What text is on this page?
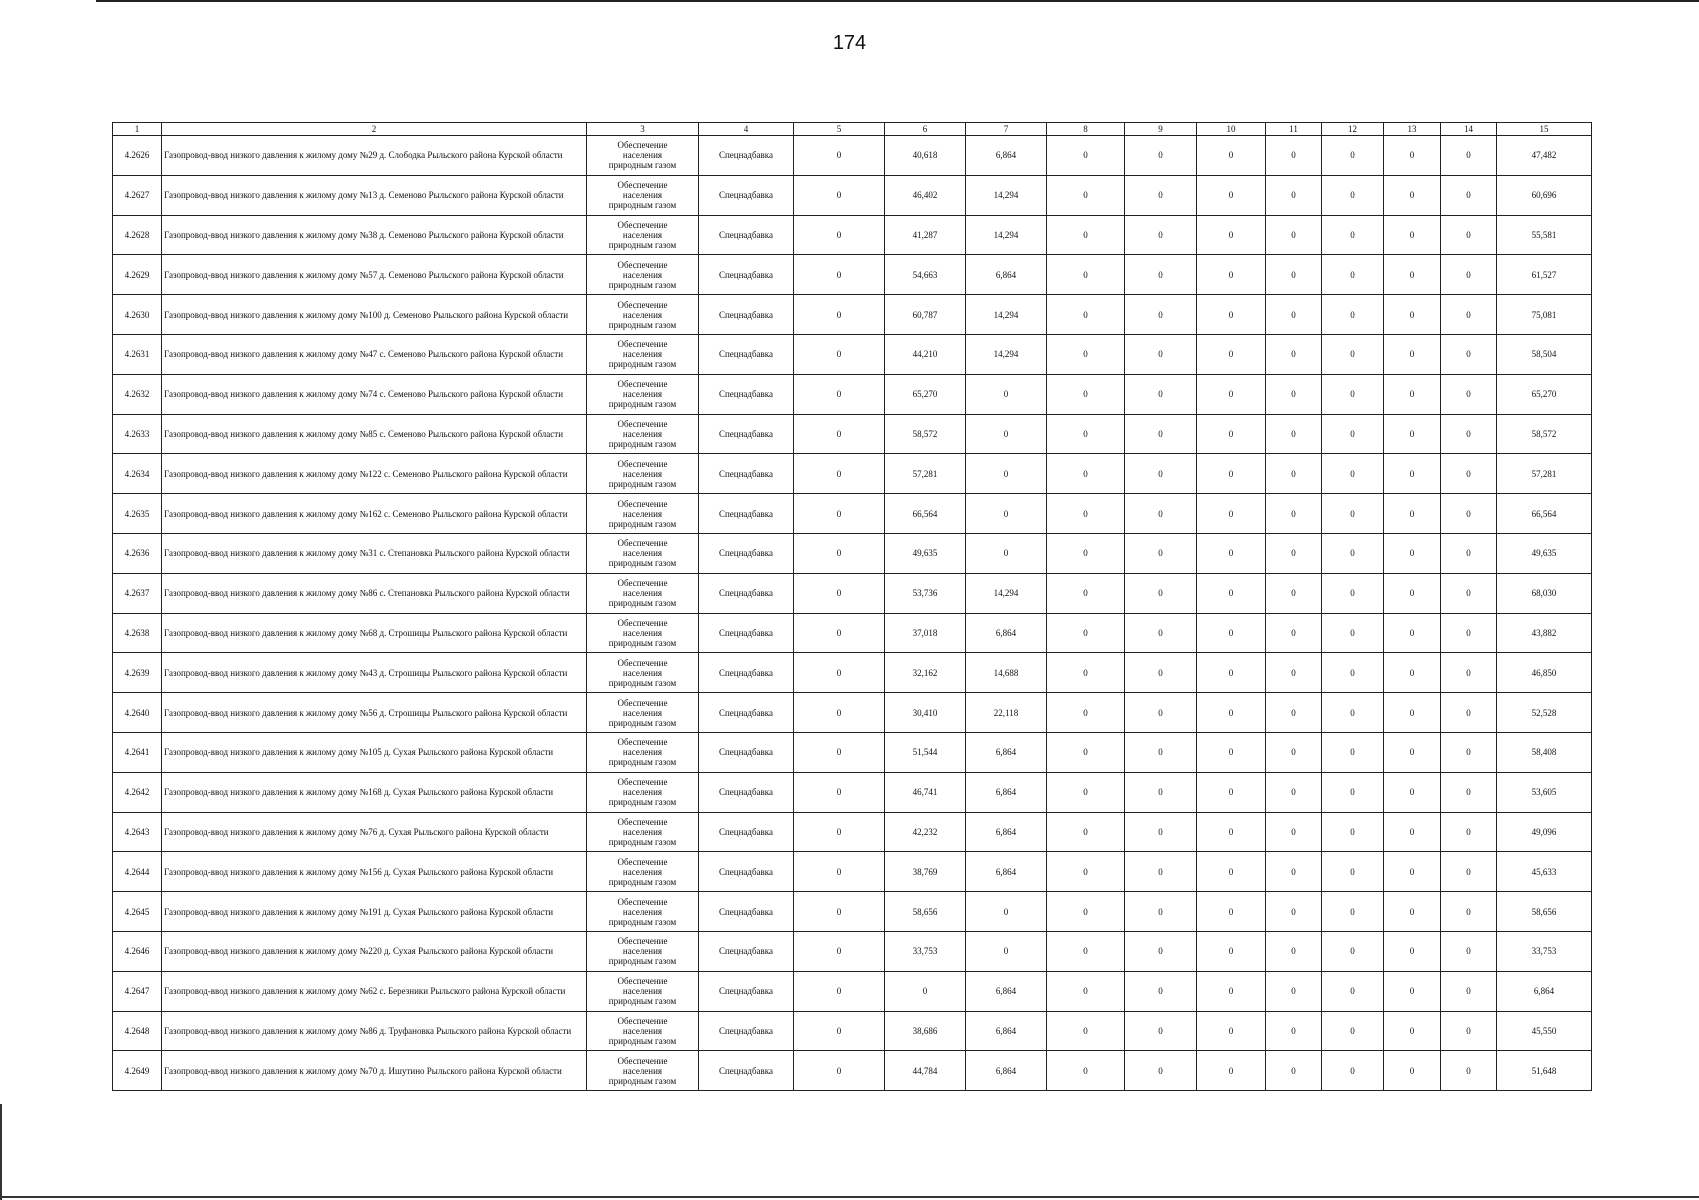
174
1	2	3	4	5	6	7	8	9	10	11	12	13	14	15
4.2626	Газопровод-ввод низкого давления к жилому дому №29 д. Слободка Рыльского района Курской области	Обеспечение
населения
природным газом	Спецнадбавка	0	40,618	6,864	0	0	0	0	0	0	0	47,482
4.2627	Газопровод-ввод низкого давления к жилому дому №13 д. Семеново Рыльского района Курской области	Обеспечение
населения
природным газом	Спецнадбавка	0	46,402	14,294	0	0	0	0	0	0	0	60,696
4.2628	Газопровод-ввод низкого давления к жилому дому №38 д. Семеново Рыльского района Курской области	Обеспечение
населения
природным газом	Спецнадбавка	0	41,287	14,294	0	0	0	0	0	0	0	55,581
4.2629	Газопровод-ввод низкого давления к жилому дому №57 д. Семеново Рыльского района Курской области	Обеспечение
населения
природным газом	Спецнадбавка	0	54,663	6,864	0	0	0	0	0	0	0	61,527
4.2630	Газопровод-ввод низкого давления к жилому дому №100 д. Семеново Рыльского района Курской области	Обеспечение
населения
природным газом	Спецнадбавка	0	60,787	14,294	0	0	0	0	0	0	0	75,081
4.2631	Газопровод-ввод низкого давления к жилому дому №47 с. Семеново Рыльского района Курской области	Обеспечение
населения
природным газом	Спецнадбавка	0	44,210	14,294	0	0	0	0	0	0	0	58,504
4.2632	Газопровод-ввод низкого давления к жилому дому №74 с. Семеново Рыльского района Курской области	Обеспечение
населения
природным газом	Спецнадбавка	0	65,270	0	0	0	0	0	0	0	0	65,270
4.2633	Газопровод-ввод низкого давления к жилому дому №85 с. Семеново Рыльского района Курской области	Обеспечение
населения
природным газом	Спецнадбавка	0	58,572	0	0	0	0	0	0	0	0	58,572
4.2634	Газопровод-ввод низкого давления к жилому дому №122 с. Семеново Рыльского района Курской области	Обеспечение
населения
природным газом	Спецнадбавка	0	57,281	0	0	0	0	0	0	0	0	57,281
4.2635	Газопровод-ввод низкого давления к жилому дому №162 с. Семеново Рыльского района Курской области	Обеспечение
населения
природным газом	Спецнадбавка	0	66,564	0	0	0	0	0	0	0	0	66,564
4.2636	Газопровод-ввод низкого давления к жилому дому №31 с. Степановка Рыльского района Курской области	Обеспечение
населения
природным газом	Спецнадбавка	0	49,635	0	0	0	0	0	0	0	0	49,635
4.2637	Газопровод-ввод низкого давления к жилому дому №86 с. Степановка Рыльского района Курской области	Обеспечение
населения
природным газом	Спецнадбавка	0	53,736	14,294	0	0	0	0	0	0	0	68,030
4.2638	Газопровод-ввод низкого давления к жилому дому №68 д. Строшицы Рыльского района Курской области	Обеспечение
населения
природным газом	Спецнадбавка	0	37,018	6,864	0	0	0	0	0	0	0	43,882
4.2639	Газопровод-ввод низкого давления к жилому дому №43 д. Строшицы Рыльского района Курской области	Обеспечение
населения
природным газом	Спецнадбавка	0	32,162	14,688	0	0	0	0	0	0	0	46,850
4.2640	Газопровод-ввод низкого давления к жилому дому №56 д. Строшицы Рыльского района Курской области	Обеспечение
населения
природным газом	Спецнадбавка	0	30,410	22,118	0	0	0	0	0	0	0	52,528
4.2641	Газопровод-ввод низкого давления к жилому дому №105 д. Сухая Рыльского района Курской области	Обеспечение
населения
природным газом	Спецнадбавка	0	51,544	6,864	0	0	0	0	0	0	0	58,408
4.2642	Газопровод-ввод низкого давления к жилому дому №168 д. Сухая Рыльского района Курской области	Обеспечение
населения
природным газом	Спецнадбавка	0	46,741	6,864	0	0	0	0	0	0	0	53,605
4.2643	Газопровод-ввод низкого давления к жилому дому №76 д. Сухая Рыльского района Курской области	Обеспечение
населения
природным газом	Спецнадбавка	0	42,232	6,864	0	0	0	0	0	0	0	49,096
4.2644	Газопровод-ввод низкого давления к жилому дому №156 д. Сухая Рыльского района Курской области	Обеспечение
населения
природным газом	Спецнадбавка	0	38,769	6,864	0	0	0	0	0	0	0	45,633
4.2645	Газопровод-ввод низкого давления к жилому дому №191 д. Сухая Рыльского района Курской области	Обеспечение
населения
природным газом	Спецнадбавка	0	58,656	0	0	0	0	0	0	0	0	58,656
4.2646	Газопровод-ввод низкого давления к жилому дому №220 д. Сухая Рыльского района Курской области	Обеспечение
населения
природным газом	Спецнадбавка	0	33,753	0	0	0	0	0	0	0	0	33,753
4.2647	Газопровод-ввод низкого давления к жилому дому №62 с. Березники Рыльского района Курской области	Обеспечение
населения
природным газом	Спецнадбавка	0	0	6,864	0	0	0	0	0	0	0	6,864
4.2648	Газопровод-ввод низкого давления к жилому дому №86 д. Труфановка Рыльского района Курской области	Обеспечение
населения
природным газом	Спецнадбавка	0	38,686	6,864	0	0	0	0	0	0	0	45,550
4.2649	Газопровод-ввод низкого давления к жилому дому №70 д. Ишутино Рыльского района Курской области	Обеспечение
населения
природным газом	Спецнадбавка	0	44,784	6,864	0	0	0	0	0	0	0	51,648
